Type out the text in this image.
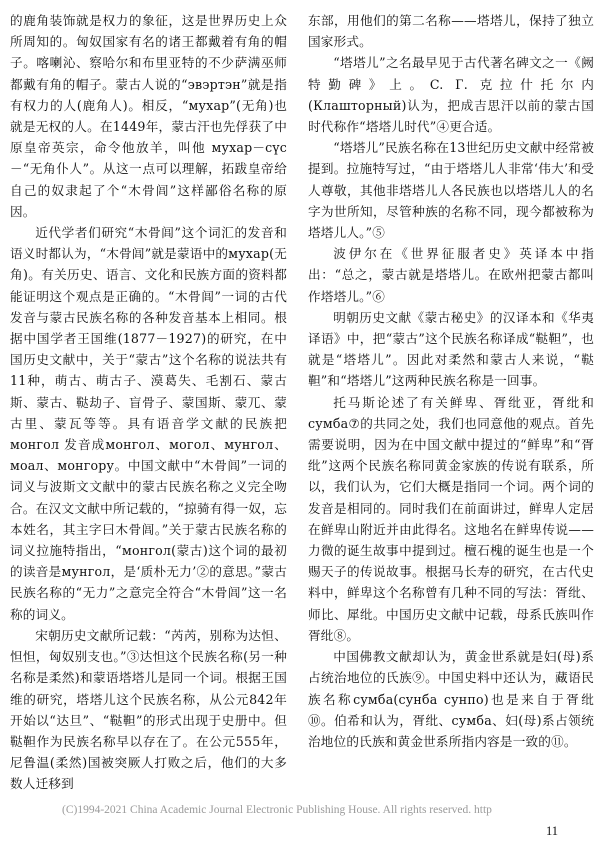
的鹿角装饰就是权力的象征，这是世界历史上众所周知的。匈奴国家有名的诸王都戴着有角的帽子。喀喇沁、察哈尔和布里亚特的不少萨满巫师都戴有角的帽子。蒙古人说的“эвэртэн”就是指有权力的人(鹿角人)。相反，“мухар”(无角)也就是无权的人。在1449年，蒙古汗也先俘获了中原皇帝英宗，命令他放羊，叫他 мухар－сүс－“无角仆人”。从这一点可以理解，拓跋皇帝给自己的奴隶起了个“木骨闾”这样鄙俗名称的原因。

近代学者们研究“木骨闾”这个词汇的发音和语义时都认为，“木骨闾”就是蒙语中的мухар(无角)。有关历史、语言、文化和民族方面的资料都能证明这个观点是正确的。“木骨闾”一词的古代发音与蒙古民族名称的各种发音基本上相同。根据中国学者王国维(1877－1927)的研究，在中国历史文献中，关于“蒙古”这个名称的说法共有11种，萌古、萌古子、漠葛失、毛割石、蒙古斯、蒙古、鞑劫子、盲骨子、蒙国斯、蒙兀、蒙古里、蒙瓦等等。具有语音学文献的民族把 монгол 发音成монгол、могол、мунгол、моал、монгору。中国文献中“木骨闾”一词的词义与波斯文文献中的蒙古民族名称之义完全吻合。在汉文文献中所记载的，“掠骑有得一奴，忘本姓名，其主字曰木骨闾。”关于蒙古民族名称的词义拉施特指出，“монгол(蒙古)这个词的最初的读音是мунгол，是‘质朴无力’②的意思。”蒙古民族名称的“无力”之意完全符合“木骨闾”这一名称的词义。

宋朝历史文献所记载：“芮芮，别称为达怛、怛怛，匈奴别支也。”③达怛这个民族名称(另一种名称是柔然)和蒙语塔塔儿是同一个词。根据王国维的研究，塔塔儿这个民族名称，从公元842年开始以“达旦”、“鞑靼”的形式出现于史册中。但鞑靼作为民族名称早以存在了。在公元555年，尼鲁温(柔然)国被突厥人打败之后，他们的大多数人迁移到

东部，用他们的第二名称——塔塔儿，保持了独立国家形式。

“塔塔儿”之名最早见于古代著名碑文之一《阙特勤碑》上。C. Г. 克拉什托尔内(Клашторный)认为，把成吉思汗以前的蒙古国时代称作“塔塔儿时代”④更合适。

“塔塔儿”民族名称在13世纪历史文献中经常被提到。拉施特写过，“由于塔塔儿人非常‘伟大’和受人尊敬，其他非塔塔儿人各民族也以塔塔儿人的名字为世所知，尽管种族的名称不同，现今都被称为塔塔儿人。”⑤

波伊尔在《世界征服者史》英译本中指出：“总之，蒙古就是塔塔儿。在欧州把蒙古都叫作塔塔儿。”⑥

明朝历史文献《蒙古秘史》的汉译本和《华夷译语》中，把“蒙古”这个民族名称译成“鞑靼”，也就是“塔塔儿”。因此对柔然和蒙古人来说，“鞑靼”和“塔塔儿”这两种民族名称是一回事。

托马斯论述了有关鲜卑、胥纰亚，胥纰和сумба⑦的共同之处，我们也同意他的观点。首先需要说明，因为在中国文献中提过的“鲜卑”和“胥纰”这两个民族名称同黄金家族的传说有联系，所以，我们认为，它们大概是指同一个词。两个词的发音是相同的。同时我们在前面讲过，鲜卑人定居在鲜卑山附近并由此得名。这地名在鲜卑传说——力微的诞生故事中提到过。檀石槐的诞生也是一个赐天子的传说故事。根据马长寿的研究，在古代史料中，鲜卑这个名称曾有几种不同的写法：胥纰、师比、犀纰。中国历史文献中记载，母系氏族叫作胥纰⑧。

中国佛教文献却认为，黄金世系就是妇(母)系占统治地位的氏族⑨。中国史料中还认为，藏语民族名称сумба(сунба сунпо)也是来自于胥纰⑩。伯希和认为，胥纰、сумба、妇(母)系占领统治地位的氏族和黄金世系所指内容是一致的⑪。

(C)1994-2021 China Academic Journal Electronic Publishing House. All rights reserved. http
11
